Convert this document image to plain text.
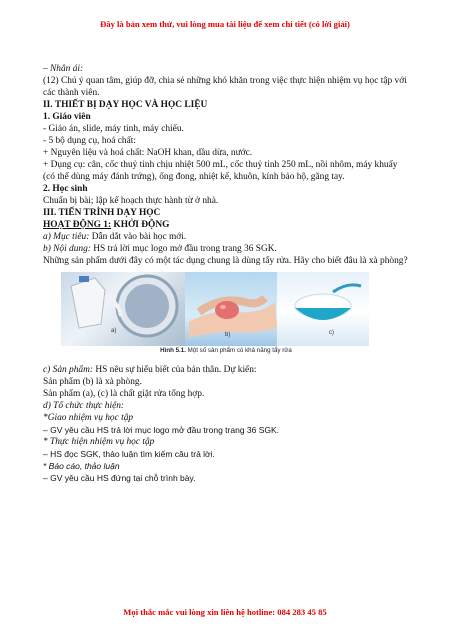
Đây là bản xem thử, vui lòng mua tài liệu để xem chi tiết (có lời giải)

– Nhân ái:

(12) Chú ý quan tâm, giúp đỡ, chia sẻ những khó khăn trong việc thực hiện nhiệm vụ học tập với các thành viên.

II. THIẾT BỊ DẠY HỌC VÀ HỌC LIỆU

1. Giáo viên

- Giáo án, slide, máy tính, máy chiếu.

- 5 bộ dụng cụ, hoá chất:

+ Nguyên liệu và hoá chất: NaOH khan, dầu dừa, nước.

+ Dụng cụ: cân, cốc thuỷ tinh chịu nhiệt 500 mL, cốc thuỷ tinh 250 mL, nồi nhôm, máy khuấy (có thể dùng máy đánh trứng), ống đong, nhiệt kế, khuôn, kính bảo hộ, găng tay.

2. Học sinh

Chuẩn bị bài; lập kế hoạch thực hành từ ở nhà.

III. TIẾN TRÌNH DẠY HỌC

HOẠT ĐỘNG 1: KHỞI ĐỘNG

a) Mục tiêu: Dẫn dắt vào bài học mới.

b) Nội dung: HS trả lời mục logo mở đầu trong trang 36 SGK.

Những sản phẩm dưới đây có một tác dụng chung là dùng tẩy rửa. Hãy cho biết đâu là xà phòng?

a)
b)	c)
Hình 5.1. Một số sản phẩm có khả năng tẩy rửa

c) Sản phẩm: HS nêu sự hiểu biết của bản thân. Dự kiến:

Sản phẩm (b) là xà phòng.

Sản phẩm (a), (c) là chất giặt rửa tổng hợp.

d) Tổ chức thực hiện:

*Giao nhiệm vụ học tập

– GV yêu cầu HS trả lời mục logo mở đầu trong trang 36 SGK.

* Thực hiện nhiệm vụ học tập

– HS đọc SGK, thảo luận tìm kiếm câu trả lời.

* Báo cáo, thảo luận

– GV yêu cầu HS đứng tại chỗ trình bày.

Mọi thắc mắc vui lòng xin liên hệ hotline: 084 283 45 85
